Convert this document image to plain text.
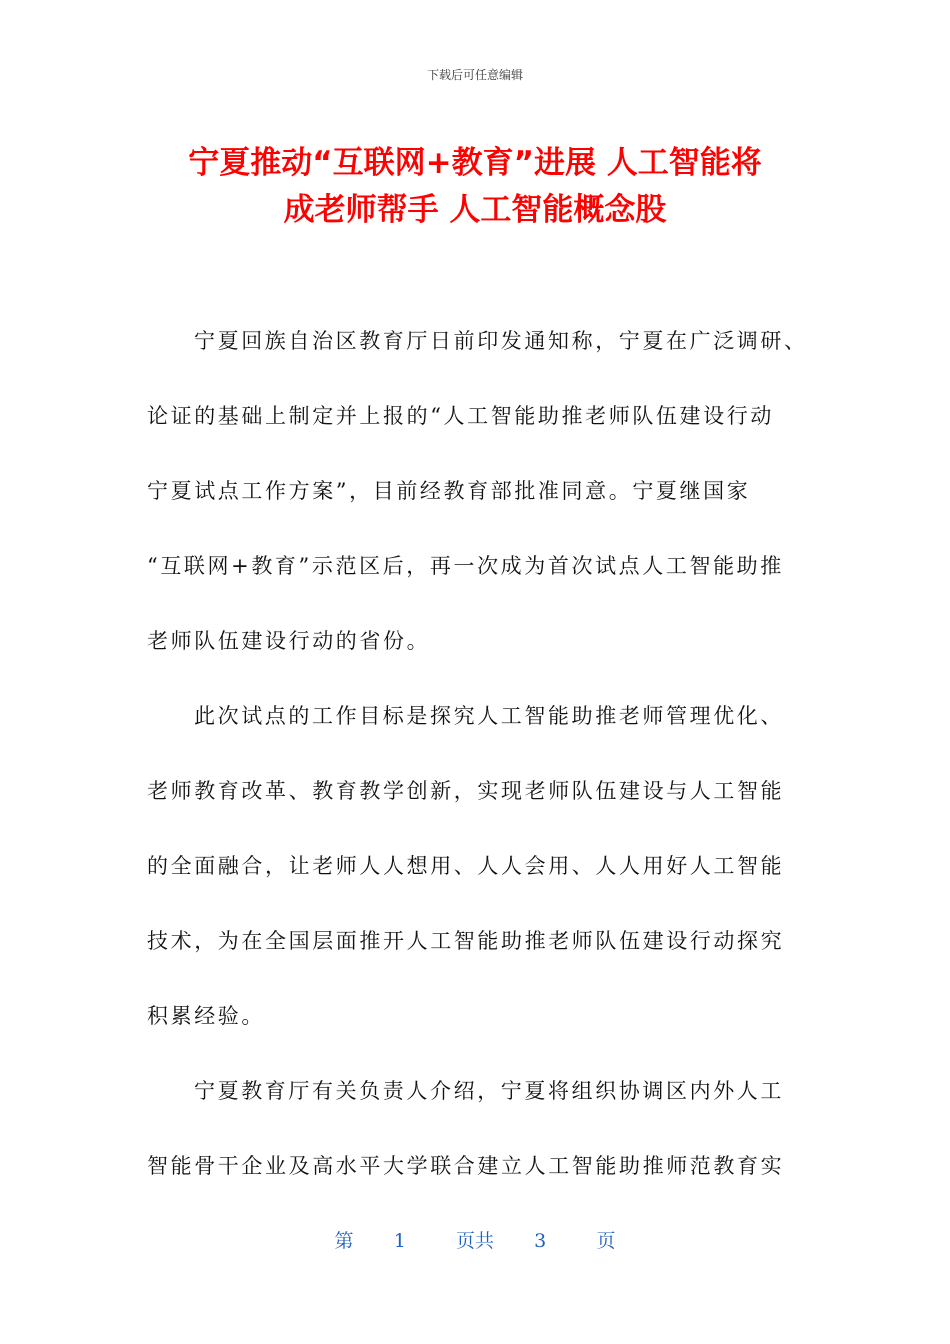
下载后可任意编辑
宁夏推动“互联网+教育”进展 人工智能将
成老师帮手 人工智能概念股
宁夏回族自治区教育厅日前印发通知称，宁夏在广泛调研、
论证的基础上制定并上报的“人工智能助推老师队伍建设行动
宁夏试点工作方案”，目前经教育部批准同意。宁夏继国家
“互联网+教育”示范区后，再一次成为首次试点人工智能助推
老师队伍建设行动的省份。
此次试点的工作目标是探究人工智能助推老师管理优化、
老师教育改革、教育教学创新，实现老师队伍建设与人工智能
的全面融合，让老师人人想用、人人会用、人人用好人工智能
技术，为在全国层面推开人工智能助推老师队伍建设行动探究
积累经验。
宁夏教育厅有关负责人介绍，宁夏将组织协调区内外人工
智能骨干企业及高水平大学联合建立人工智能助推师范教育实
第 1	页共 3	页
